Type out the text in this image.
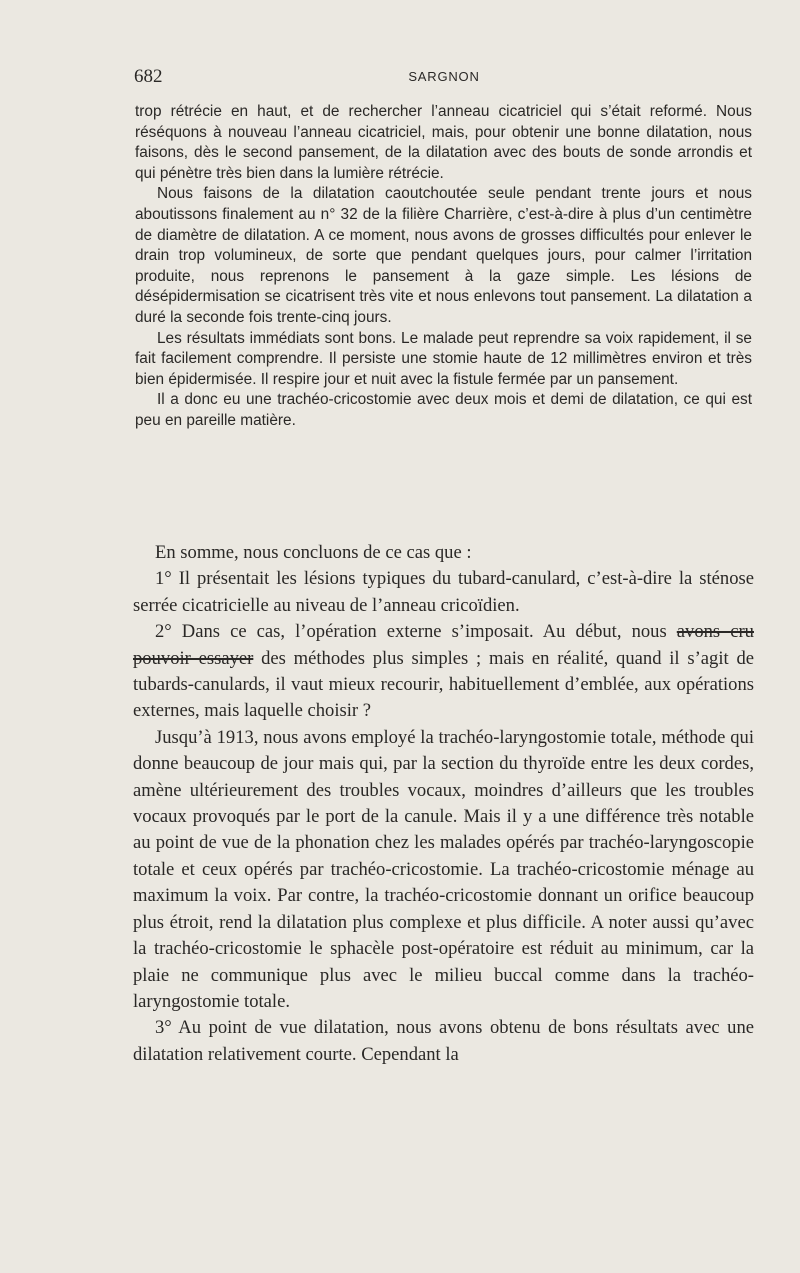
682	SARGNON

trop rétrécie en haut, et de rechercher l’anneau cicatriciel qui s’était reformé. Nous réséquons à nouveau l’anneau cicatriciel, mais, pour obtenir une bonne dilatation, nous faisons, dès le second pansement, de la dilatation avec des bouts de sonde arrondis et qui pénètre très bien dans la lumière rétrécie.

Nous faisons de la dilatation caoutchoutée seule pendant trente jours et nous aboutissons finalement au n° 32 de la filière Charrière, c’est-à-dire à plus d’un centimètre de diamètre de dilatation. A ce moment, nous avons de grosses difficultés pour enlever le drain trop volumineux, de sorte que pendant quelques jours, pour calmer l’irritation produite, nous reprenons le pansement à la gaze simple. Les lésions de désépidermisation se cicatrisent très vite et nous enlevons tout pansement. La dilatation a duré la seconde fois trente-cinq jours.

Les résultats immédiats sont bons. Le malade peut reprendre sa voix rapidement, il se fait facilement comprendre. Il persiste une stomie haute de 12 millimètres environ et très bien épidermisée. Il respire jour et nuit avec la fistule fermée par un pansement.

Il a donc eu une trachéo-cricostomie avec deux mois et demi de dilatation, ce qui est peu en pareille matière.

En somme, nous concluons de ce cas que :

1° Il présentait les lésions typiques du tubard-canulard, c’est-à-dire la sténose serrée cicatricielle au niveau de l’anneau cricoïdien.

2° Dans ce cas, l’opération externe s’imposait. Au début, nous avons cru pouvoir essayer des méthodes plus simples ; mais en réalité, quand il s’agit de tubards-canulards, il vaut mieux recourir, habituellement d’emblée, aux opérations externes, mais laquelle choisir ?

Jusqu’à 1913, nous avons employé la trachéo-laryngostomie totale, méthode qui donne beaucoup de jour mais qui, par la section du thyroïde entre les deux cordes, amène ultérieurement des troubles vocaux, moindres d’ailleurs que les troubles vocaux provoqués par le port de la canule. Mais il y a une différence très notable au point de vue de la phonation chez les malades opérés par trachéo-laryngoscopie totale et ceux opérés par trachéo-cricostomie. La trachéo-cricostomie ménage au maximum la voix. Par contre, la trachéo-cricostomie donnant un orifice beaucoup plus étroit, rend la dilatation plus complexe et plus difficile. A noter aussi qu’avec la trachéo-cricostomie le sphacèle post-opératoire est réduit au minimum, car la plaie ne communique plus avec le milieu buccal comme dans la trachéo-laryngostomie totale.

3° Au point de vue dilatation, nous avons obtenu de bons résultats avec une dilatation relativement courte. Cependant la
